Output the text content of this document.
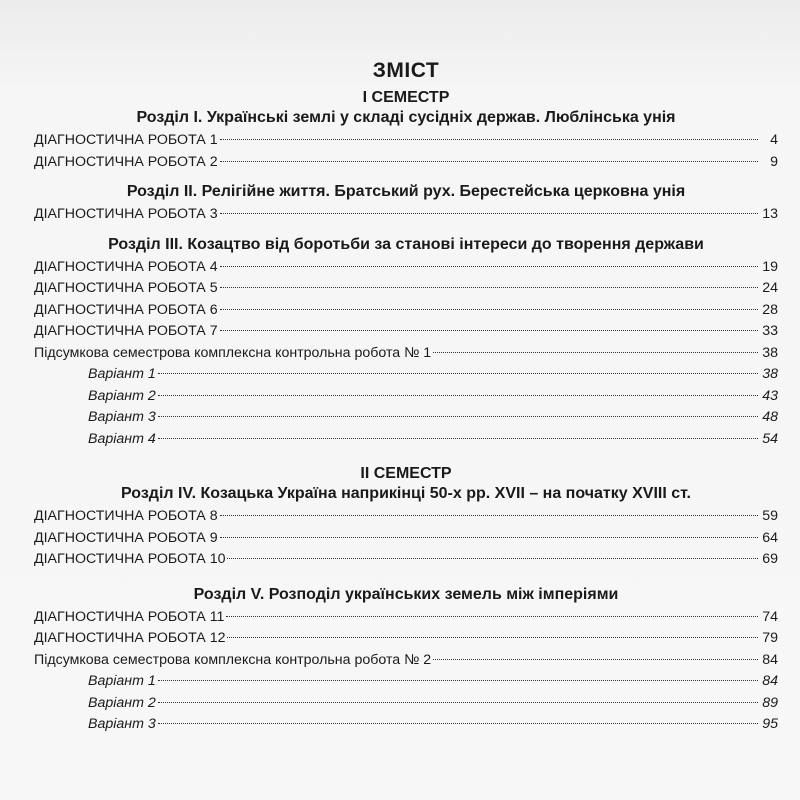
ЗМІСТ
І СЕМЕСТР
Розділ І. Українські землі у складі сусідніх держав. Люблінська унія
ДІАГНОСТИЧНА РОБОТА 1	4
ДІАГНОСТИЧНА РОБОТА 2	9
Розділ ІІ. Релігійне життя. Братський рух. Берестейська церковна унія
ДІАГНОСТИЧНА РОБОТА 3	13
Розділ ІІІ. Козацтво від боротьби за станові інтереси до творення держави
ДІАГНОСТИЧНА РОБОТА 4	19
ДІАГНОСТИЧНА РОБОТА 5	24
ДІАГНОСТИЧНА РОБОТА 6	28
ДІАГНОСТИЧНА РОБОТА 7	33
Підсумкова семестрова комплексна контрольна робота № 1	38
Варіант 1	38
Варіант 2	43
Варіант 3	48
Варіант 4	54
ІІ СЕМЕСТР
Розділ IV. Козацька Україна наприкінці 50-х рр. XVII – на початку XVIII ст.
ДІАГНОСТИЧНА РОБОТА 8	59
ДІАГНОСТИЧНА РОБОТА 9	64
ДІАГНОСТИЧНА РОБОТА 10	69
Розділ V. Розподіл українських земель між імперіями
ДІАГНОСТИЧНА РОБОТА 11	74
ДІАГНОСТИЧНА РОБОТА 12	79
Підсумкова семестрова комплексна контрольна робота № 2	84
Варіант 1	84
Варіант 2	89
Варіант 3	95
